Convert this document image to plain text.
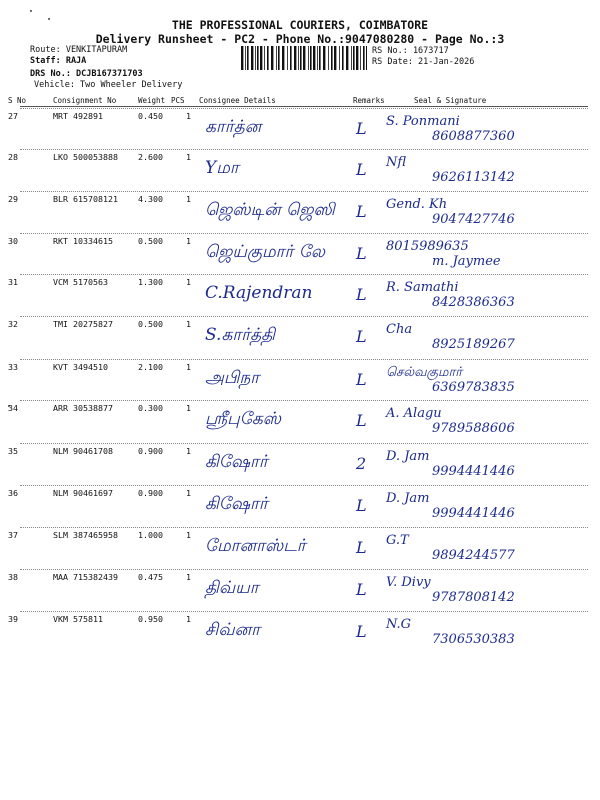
THE PROFESSIONAL COURIERS, COIMBATORE
Delivery Runsheet - PC2 - Phone No.:9047080280 - Page No.:3
Route: VENKITAPURAM
Staff: RAJA
DRS No.: DCJB167371703
Vehicle: Two Wheeler Delivery
RS No.: 1673717
RS Date: 21-Jan-2026
S No	Consignment No	Weight PCS Consignee Details	Remarks	Seal & Signature
27	MRT 492891	0.450	1
கார்த்ன	L S. Ponmani
8608877360
28	LKO 500053888 2.600	1
Yமா	L Nfl
9626113142
29	BLR 615708121 4.300	1
ஜெஸ்டின் ஜெஸி L Gend. Kh
9047427746
30	RKT 10334615	0.500	1
ஜெய்குமார் லே L 8015989635
m. Jaymee
31	VCM 5170563	1.300	1
C.Rajendran	L R. Samathi
8428386363
32	TMI 20275827	0.500	1
S.கார்த்தி	L Cha
8925189267
33	KVT 3494510	2.100	1
அபிநா	L செல்வகுமார்
6369783835
34	ARR 30538877	0.300	1
ஸ்ரீபுகேஸ்	L A. Alagu
9789588606
35	NLM 90461708	0.900	1
கிஷோர்	2 D. Jam
9994441446
36	NLM 90461697	0.900	1
கிஷோர்	L D. Jam
9994441446
37	SLM 387465958 1.000	1
மோனாஸ்டர்	L G.T
9894244577
38	MAA 715382439 0.475	1
திவ்யா	L V. Divy
9787808142
39	VKM 575811	0.950	1
சிவ்னா	L N.G
7306530383
